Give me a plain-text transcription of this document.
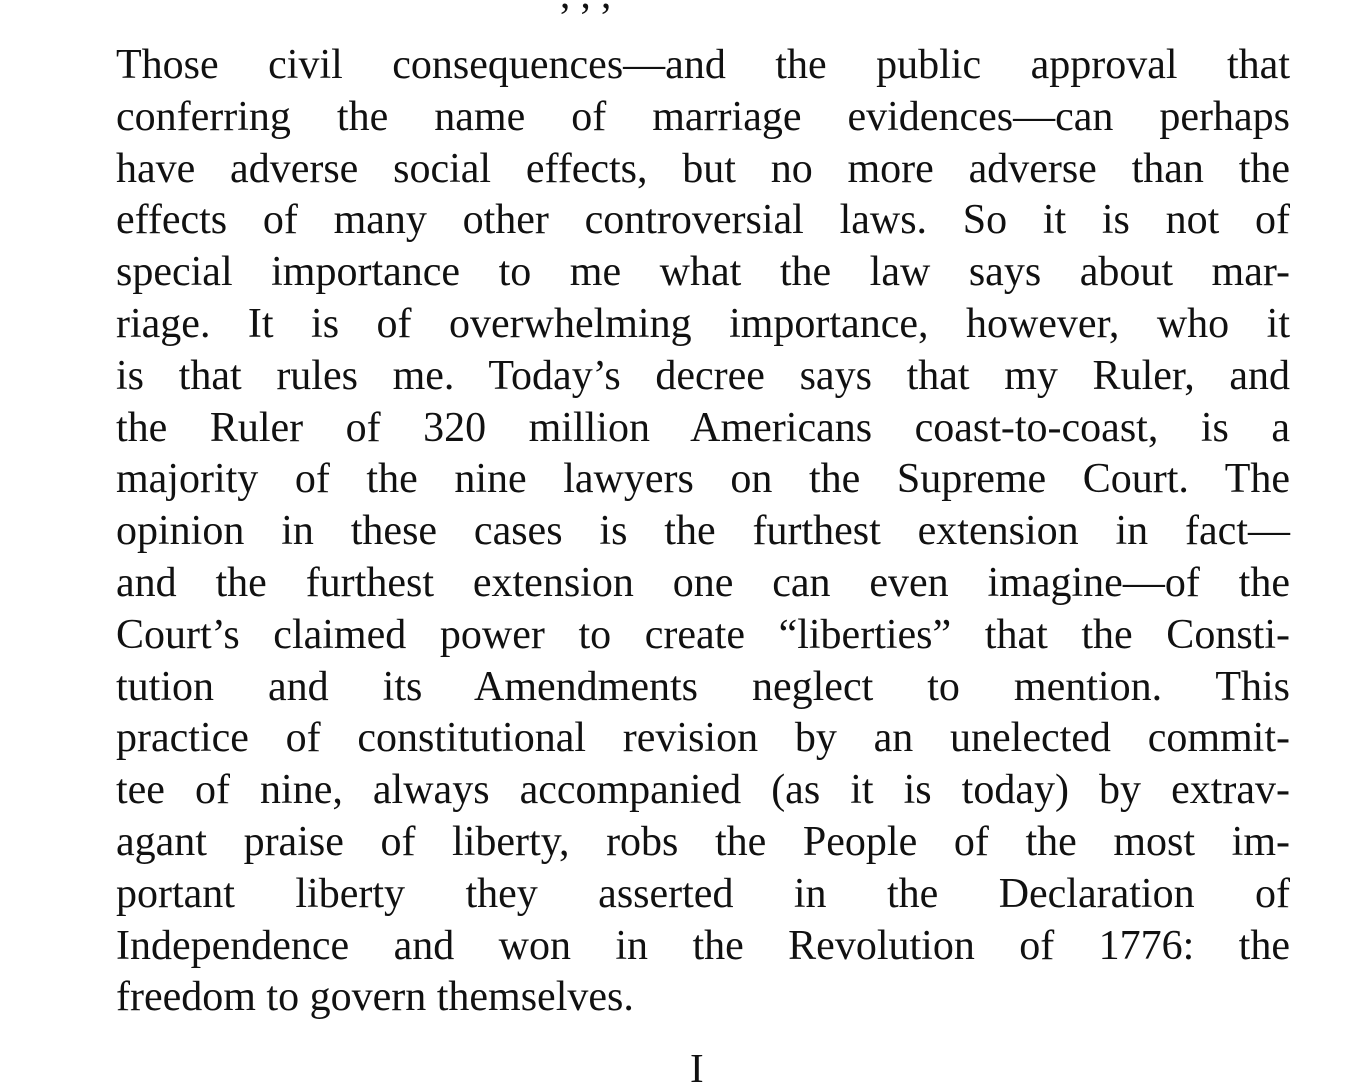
Those civil consequences—and the public approval that
conferring the name of marriage evidences—can perhaps
have adverse social effects, but no more adverse than the
effects of many other controversial laws. So it is not of
special importance to me what the law says about mar-
riage. It is of overwhelming importance, however, who it
is that rules me. Today’s decree says that my Ruler, and
the Ruler of 320 million Americans coast-to-coast, is a
majority of the nine lawyers on the Supreme Court. The
opinion in these cases is the furthest extension in fact—
and the furthest extension one can even imagine—of the
Court’s claimed power to create “liberties” that the Consti-
tution and its Amendments neglect to mention. This
practice of constitutional revision by an unelected commit-
tee of nine, always accompanied (as it is today) by extrav-
agant praise of liberty, robs the People of the most im-
portant liberty they asserted in the Declaration of
Independence and won in the Revolution of 1776: the
freedom to govern themselves.
I
